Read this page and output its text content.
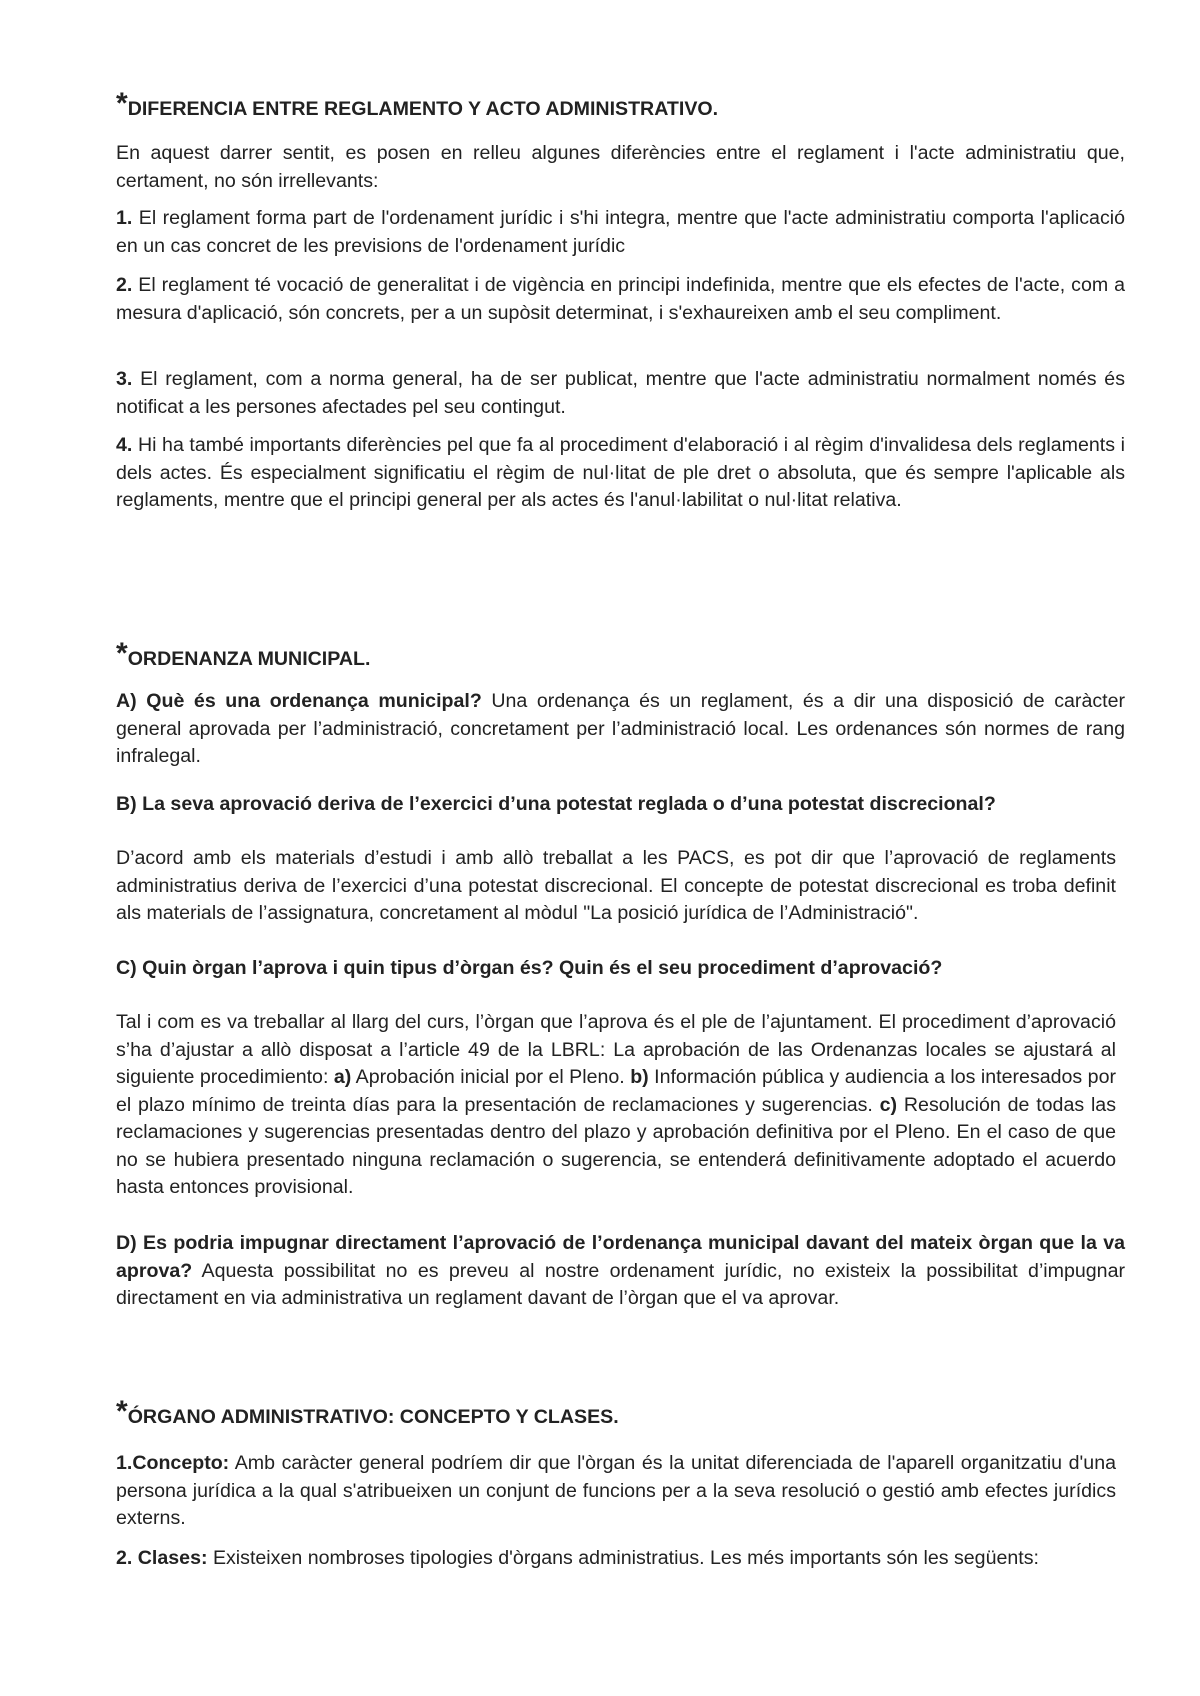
*DIFERENCIA ENTRE REGLAMENTO Y ACTO ADMINISTRATIVO.

En aquest darrer sentit, es posen en relleu algunes diferències entre el reglament i l'acte administratiu que, certament, no són irrellevants:

1. El reglament forma part de l'ordenament jurídic i s'hi integra, mentre que l'acte administratiu comporta l'aplicació en un cas concret de les previsions de l'ordenament jurídic

2. El reglament té vocació de generalitat i de vigència en principi indefinida, mentre que els efectes de l'acte, com a mesura d'aplicació, són concrets, per a un supòsit determinat, i s'exhaureixen amb el seu compliment.

3. El reglament, com a norma general, ha de ser publicat, mentre que l'acte administratiu normalment només és notificat a les persones afectades pel seu contingut.

4. Hi ha també importants diferències pel que fa al procediment d'elaboració i al règim d'invalidesa dels reglaments i dels actes. És especialment significatiu el règim de nul·litat de ple dret o absoluta, que és sempre l'aplicable als reglaments, mentre que el principi general per als actes és l'anul·labilitat o nul·litat relativa.

*ORDENANZA MUNICIPAL.

A) Què és una ordenança municipal? Una ordenança és un reglament, és a dir una disposició de caràcter general aprovada per l’administració, concretament per l’administració local. Les ordenances són normes de rang infralegal.

B) La seva aprovació deriva de l’exercici d’una potestat reglada o d’una potestat discrecional?

D’acord amb els materials d’estudi i amb allò treballat a les PACS, es pot dir que l’aprovació de reglaments administratius deriva de l’exercici d’una potestat discrecional. El concepte de potestat discrecional es troba definit als materials de l’assignatura, concretament al mòdul "La posició jurídica de l’Administració".

C) Quin òrgan l’aprova i quin tipus d’òrgan és? Quin és el seu procediment d’aprovació?

Tal i com es va treballar al llarg del curs, l’òrgan que l’aprova és el ple de l’ajuntament. El procediment d’aprovació s’ha d’ajustar a allò disposat a l’article 49 de la LBRL: La aprobación de las Ordenanzas locales se ajustará al siguiente procedimiento: a) Aprobación inicial por el Pleno. b) Información pública y audiencia a los interesados por el plazo mínimo de treinta días para la presentación de reclamaciones y sugerencias. c) Resolución de todas las reclamaciones y sugerencias presentadas dentro del plazo y aprobación definitiva por el Pleno. En el caso de que no se hubiera presentado ninguna reclamación o sugerencia, se entenderá definitivamente adoptado el acuerdo hasta entonces provisional.

D) Es podria impugnar directament l’aprovació de l’ordenança municipal davant del mateix òrgan que la va aprova? Aquesta possibilitat no es preveu al nostre ordenament jurídic, no existeix la possibilitat d’impugnar directament en via administrativa un reglament davant de l’òrgan que el va aprovar.

*ÓRGANO ADMINISTRATIVO: CONCEPTO Y CLASES.

1.Concepto: Amb caràcter general podríem dir que l'òrgan és la unitat diferenciada de l'aparell organitzatiu d'una persona jurídica a la qual s'atribueixen un conjunt de funcions per a la seva resolució o gestió amb efectes jurídics externs.

2. Clases: Existeixen nombroses tipologies d'òrgans administratius. Les més importants són les següents:
